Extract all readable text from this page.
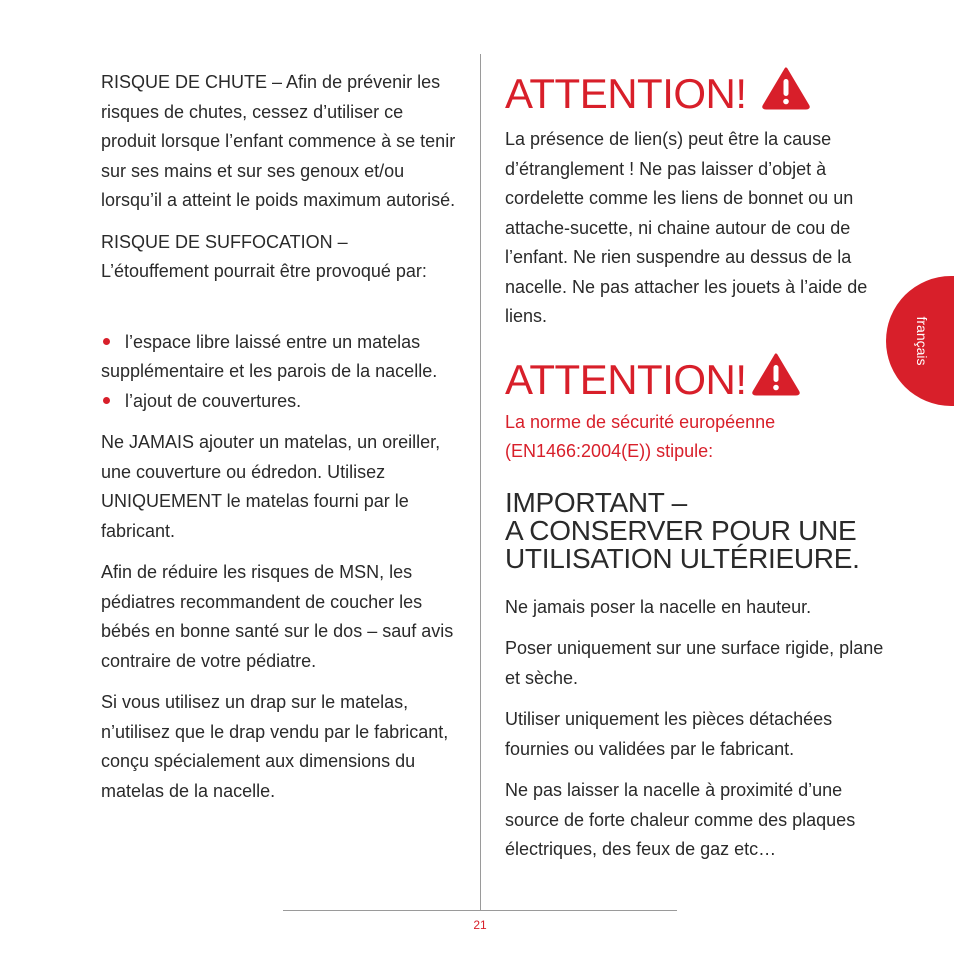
RISQUE DE CHUTE – Afin de prévenir les risques de chutes, cessez d’utiliser ce produit lorsque l’enfant commence à se tenir sur ses mains et sur ses genoux et/ou lorsqu’il a atteint le poids maximum autorisé.

RISQUE DE SUFFOCATION – L’étouffement pourrait être provoqué par:

l’espace libre laissé entre un matelas supplémentaire et les parois de la nacelle.
l’ajout de couvertures.

Ne JAMAIS ajouter un matelas, un oreiller, une couverture ou édredon. Utilisez UNIQUEMENT le matelas fourni par le fabricant.

Afin de réduire les risques de MSN, les pédiatres recommandent de coucher les bébés en bonne santé sur le dos – sauf avis contraire de votre pédiatre.

Si vous utilisez un drap sur le matelas, n’utilisez que le drap vendu par le fabricant, conçu spécialement aux dimensions du matelas de la nacelle.

ATTENTION!

La présence de lien(s) peut être la cause d’étranglement ! Ne pas laisser d’objet à cordelette comme les liens de bonnet ou un attache-sucette, ni chaine autour de cou de l’enfant. Ne rien suspendre au dessus de la nacelle. Ne pas attacher les jouets à l’aide de liens.

ATTENTION!

La norme de sécurité européenne (EN1466:2004(E)) stipule:

IMPORTANT –
A CONSERVER POUR UNE
UTILISATION ULTÉRIEURE.

Ne jamais poser la nacelle en hauteur.

Poser uniquement sur une surface rigide, plane et sèche.

Utiliser uniquement les pièces détachées fournies ou validées par le fabricant.

Ne pas laisser la nacelle à proximité d’une source de forte chaleur comme des plaques électriques, des feux de gaz etc…

français
21
